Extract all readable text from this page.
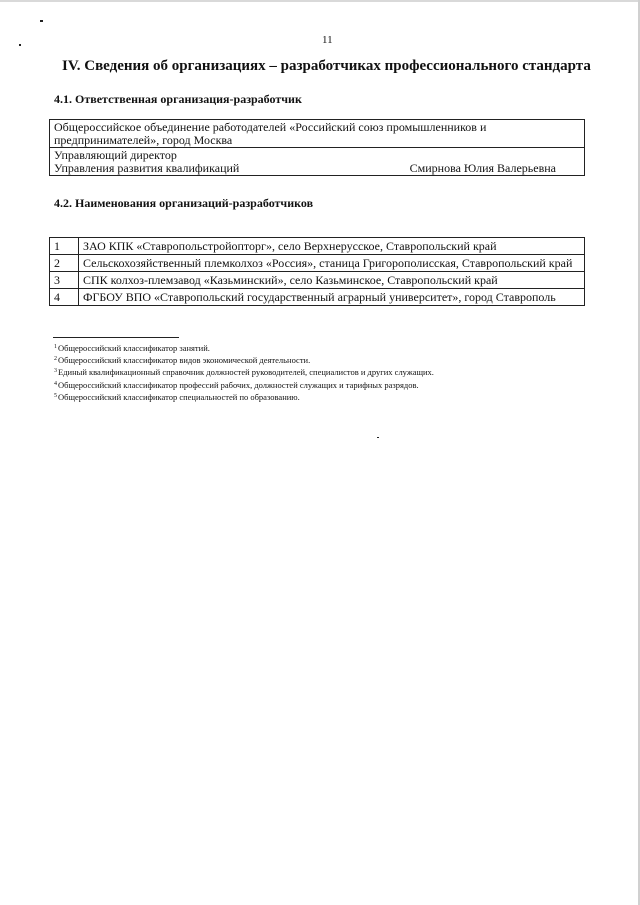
11
IV. Сведения об организациях – разработчиках профессионального стандарта
4.1. Ответственная организация-разработчик
Общероссийское объединение работодателей «Российский союз промышленников и предпринимателей», город Москва

Управляющий директор
Управления развития квалификаций	Смирнова Юлия Валерьевна
4.2. Наименования организаций-разработчиков
1	ЗАО КПК «Ставропольстройопторг», село Верхнерусское, Ставропольский край
2	Сельскохозяйственный племколхоз «Россия», станица Григорополисская, Ставропольский край
3	СПК колхоз-племзавод «Казьминский», село Казьминское, Ставропольский край
4	ФГБОУ ВПО «Ставропольский государственный аграрный университет», город Ставрополь
$^1$Общероссийский классификатор занятий.
$^2$Общероссийский классификатор видов экономической деятельности.
$^3$Единый квалификационный справочник должностей руководителей, специалистов и других служащих.
$^4$Общероссийский классификатор профессий рабочих, должностей служащих и тарифных разрядов.
$^5$Общероссийский классификатор специальностей по образованию.
